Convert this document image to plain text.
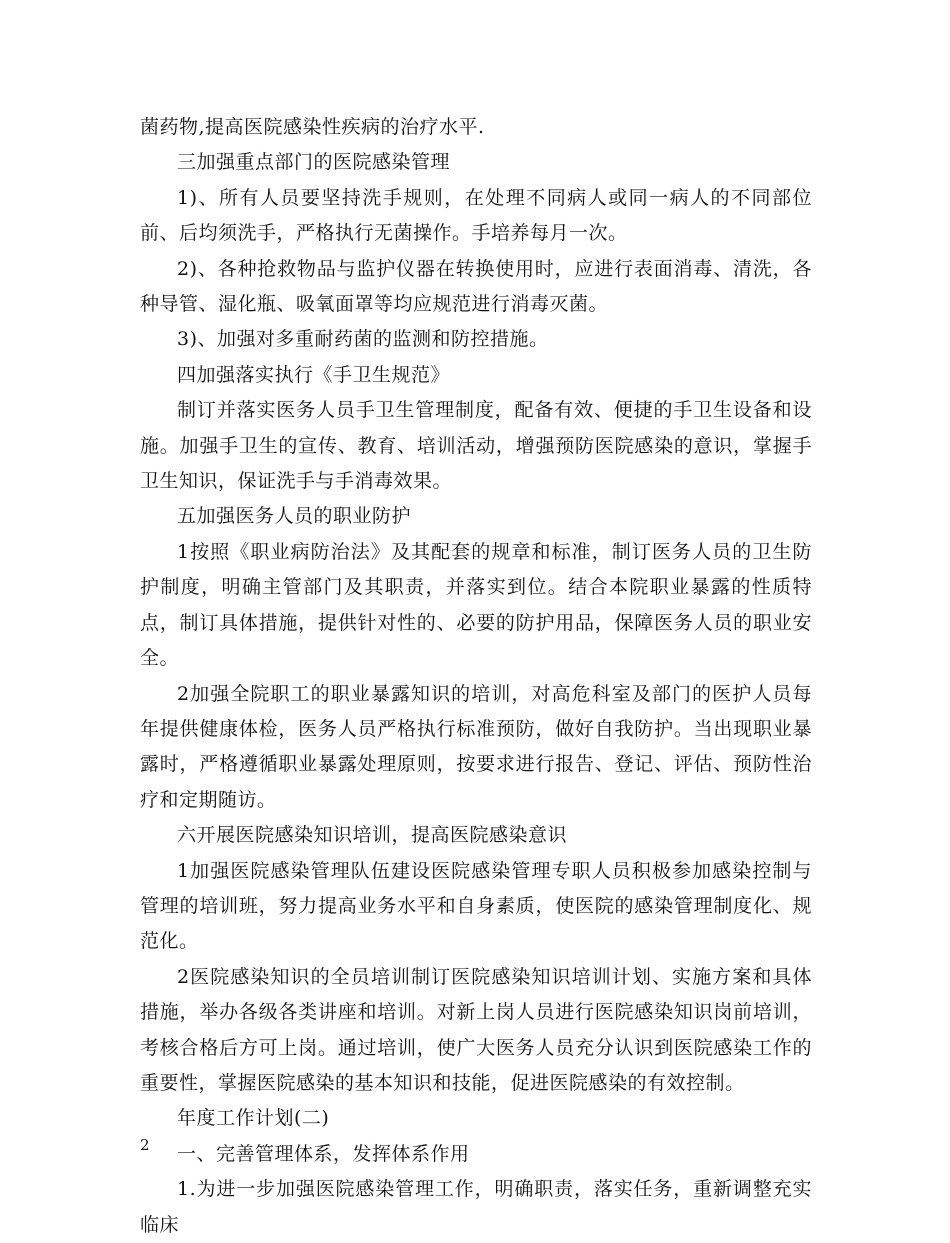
菌药物,提高医院感染性疾病的治疗水平.

三加强重点部门的医院感染管理

1)、所有人员要坚持洗手规则，在处理不同病人或同一病人的不同部位前、后均须洗手，严格执行无菌操作。手培养每月一次。

2)、各种抢救物品与监护仪器在转换使用时，应进行表面消毒、清洗，各种导管、湿化瓶、吸氧面罩等均应规范进行消毒灭菌。

3)、加强对多重耐药菌的监测和防控措施。

四加强落实执行《手卫生规范》

制订并落实医务人员手卫生管理制度，配备有效、便捷的手卫生设备和设施。加强手卫生的宣传、教育、培训活动，增强预防医院感染的意识，掌握手卫生知识，保证洗手与手消毒效果。

五加强医务人员的职业防护

1按照《职业病防治法》及其配套的规章和标准，制订医务人员的卫生防护制度，明确主管部门及其职责，并落实到位。结合本院职业暴露的性质特点，制订具体措施，提供针对性的、必要的防护用品，保障医务人员的职业安全。

2加强全院职工的职业暴露知识的培训，对高危科室及部门的医护人员每年提供健康体检，医务人员严格执行标准预防，做好自我防护。当出现职业暴露时，严格遵循职业暴露处理原则，按要求进行报告、登记、评估、预防性治疗和定期随访。

六开展医院感染知识培训，提高医院感染意识

1加强医院感染管理队伍建设医院感染管理专职人员积极参加感染控制与管理的培训班，努力提高业务水平和自身素质，使医院的感染管理制度化、规范化。

2医院感染知识的全员培训制订医院感染知识培训计划、实施方案和具体措施，举办各级各类讲座和培训。对新上岗人员进行医院感染知识岗前培训，考核合格后方可上岗。通过培训，使广大医务人员充分认识到医院感染工作的重要性，掌握医院感染的基本知识和技能，促进医院感染的有效控制。

年度工作计划(二)

一、完善管理体系，发挥体系作用

1.为进一步加强医院感染管理工作，明确职责，落实任务，重新调整充实临床

2
